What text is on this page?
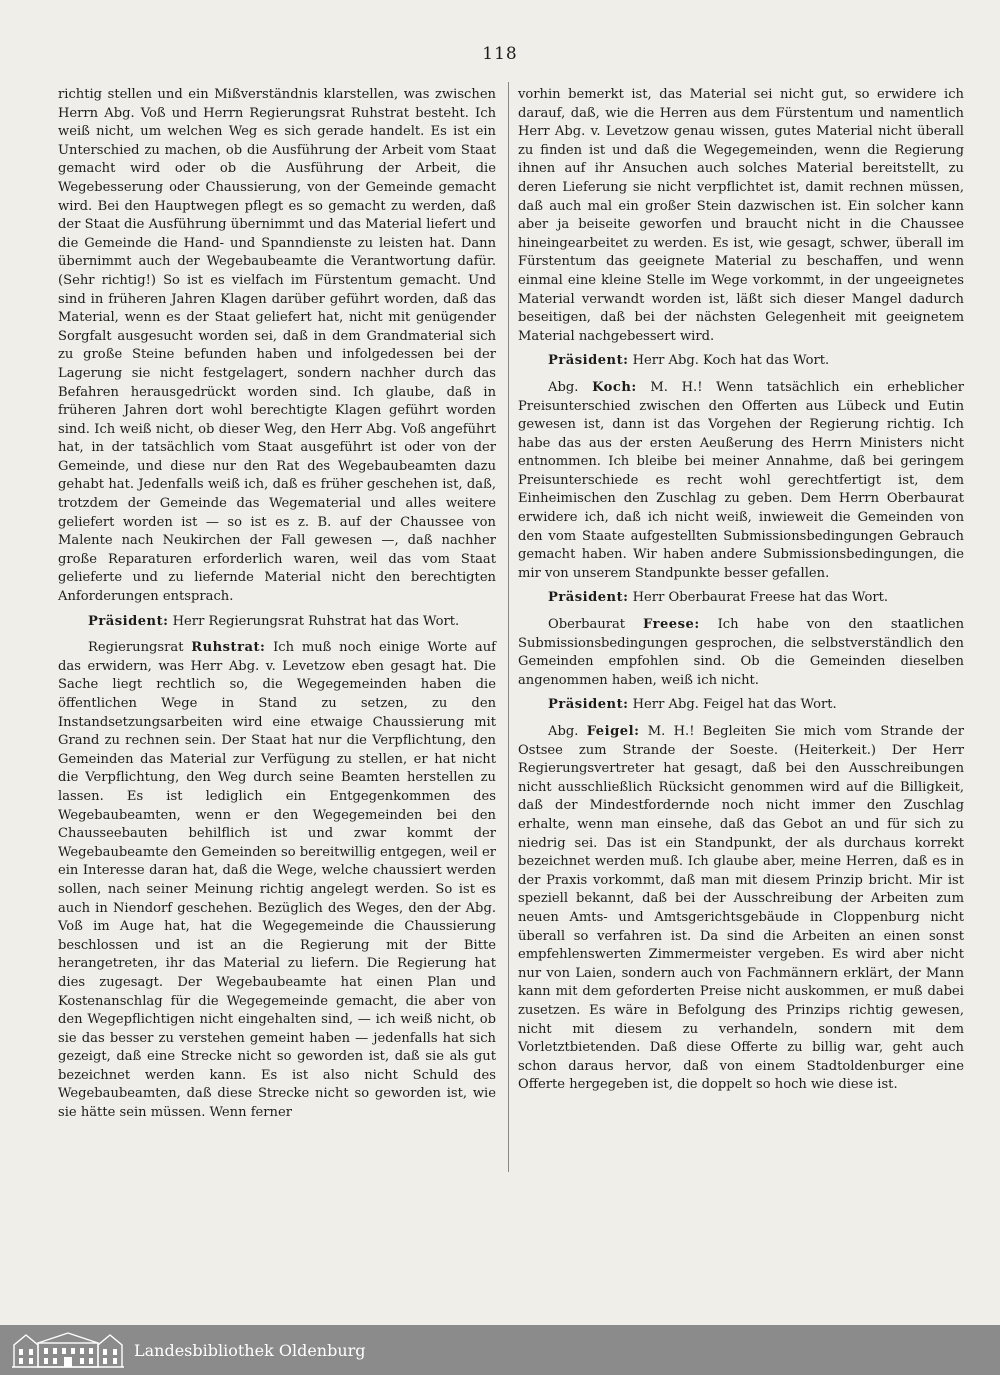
118

richtig stellen und ein Mißverständnis klarstellen, was zwischen Herrn Abg. Voß und Herrn Regierungsrat Ruhstrat besteht. Ich weiß nicht, um welchen Weg es sich gerade handelt. Es ist ein Unterschied zu machen, ob die Ausführung der Arbeit vom Staat gemacht wird oder ob die Ausführung der Arbeit, die Wegebesserung oder Chaussierung, von der Gemeinde gemacht wird. Bei den Hauptwegen pflegt es so gemacht zu werden, daß der Staat die Ausführung übernimmt und das Material liefert und die Gemeinde die Hand- und Spanndienste zu leisten hat. Dann übernimmt auch der Wegebaubeamte die Verantwortung dafür. (Sehr richtig!) So ist es vielfach im Fürstentum gemacht. Und sind in früheren Jahren Klagen darüber geführt worden, daß das Material, wenn es der Staat geliefert hat, nicht mit genügender Sorgfalt ausgesucht worden sei, daß in dem Grandmaterial sich zu große Steine befunden haben und infolgedessen bei der Lagerung sie nicht festgelagert, sondern nachher durch das Befahren herausgedrückt worden sind. Ich glaube, daß in früheren Jahren dort wohl berechtigte Klagen geführt worden sind. Ich weiß nicht, ob dieser Weg, den Herr Abg. Voß angeführt hat, in der tatsächlich vom Staat ausgeführt ist oder von der Gemeinde, und diese nur den Rat des Wegebaubeamten dazu gehabt hat. Jedenfalls weiß ich, daß es früher geschehen ist, daß, trotzdem der Gemeinde das Wegematerial und alles weitere geliefert worden ist — so ist es z. B. auf der Chaussee von Malente nach Neukirchen der Fall gewesen —, daß nachher große Reparaturen erforderlich waren, weil das vom Staat gelieferte und zu liefernde Material nicht den berechtigten Anforderungen entsprach.

Präsident: Herr Regierungsrat Ruhstrat hat das Wort.

Regierungsrat Ruhstrat: Ich muß noch einige Worte auf das erwidern, was Herr Abg. v. Levetzow eben gesagt hat. Die Sache liegt rechtlich so, die Wegegemeinden haben die öffentlichen Wege in Stand zu setzen, zu den Instandsetzungsarbeiten wird eine etwaige Chaussierung mit Grand zu rechnen sein. Der Staat hat nur die Verpflichtung, den Gemeinden das Material zur Verfügung zu stellen, er hat nicht die Verpflichtung, den Weg durch seine Beamten herstellen zu lassen. Es ist lediglich ein Entgegenkommen des Wegebaubeamten, wenn er den Wegegemeinden bei den Chausseebauten behilflich ist und zwar kommt der Wegebaubeamte den Gemeinden so bereitwillig entgegen, weil er ein Interesse daran hat, daß die Wege, welche chaussiert werden sollen, nach seiner Meinung richtig angelegt werden. So ist es auch in Niendorf geschehen. Bezüglich des Weges, den der Abg. Voß im Auge hat, hat die Wegegemeinde die Chaussierung beschlossen und ist an die Regierung mit der Bitte herangetreten, ihr das Material zu liefern. Die Regierung hat dies zugesagt. Der Wegebaubeamte hat einen Plan und Kostenanschlag für die Wegegemeinde gemacht, die aber von den Wegepflichtigen nicht eingehalten sind, — ich weiß nicht, ob sie das besser zu verstehen gemeint haben — jedenfalls hat sich gezeigt, daß eine Strecke nicht so geworden ist, daß sie als gut bezeichnet werden kann. Es ist also nicht Schuld des Wegebaubeamten, daß diese Strecke nicht so geworden ist, wie sie hätte sein müssen. Wenn ferner

vorhin bemerkt ist, das Material sei nicht gut, so erwidere ich darauf, daß, wie die Herren aus dem Fürstentum und namentlich Herr Abg. v. Levetzow genau wissen, gutes Material nicht überall zu finden ist und daß die Wegegemeinden, wenn die Regierung ihnen auf ihr Ansuchen auch solches Material bereitstellt, zu deren Lieferung sie nicht verpflichtet ist, damit rechnen müssen, daß auch mal ein großer Stein dazwischen ist. Ein solcher kann aber ja beiseite geworfen und braucht nicht in die Chaussee hineingearbeitet zu werden. Es ist, wie gesagt, schwer, überall im Fürstentum das geeignete Material zu beschaffen, und wenn einmal eine kleine Stelle im Wege vorkommt, in der ungeeignetes Material verwandt worden ist, läßt sich dieser Mangel dadurch beseitigen, daß bei der nächsten Gelegenheit mit geeignetem Material nachgebessert wird.

Präsident: Herr Abg. Koch hat das Wort.

Abg. Koch: M. H.! Wenn tatsächlich ein erheblicher Preisunterschied zwischen den Offerten aus Lübeck und Eutin gewesen ist, dann ist das Vorgehen der Regierung richtig. Ich habe das aus der ersten Aeußerung des Herrn Ministers nicht entnommen. Ich bleibe bei meiner Annahme, daß bei geringem Preisunterschiede es recht wohl gerechtfertigt ist, dem Einheimischen den Zuschlag zu geben. Dem Herrn Oberbaurat erwidere ich, daß ich nicht weiß, inwieweit die Gemeinden von den vom Staate aufgestellten Submissionsbedingungen Gebrauch gemacht haben. Wir haben andere Submissionsbedingungen, die mir von unserem Standpunkte besser gefallen.

Präsident: Herr Oberbaurat Freese hat das Wort.

Oberbaurat Freese: Ich habe von den staatlichen Submissionsbedingungen gesprochen, die selbstverständlich den Gemeinden empfohlen sind. Ob die Gemeinden dieselben angenommen haben, weiß ich nicht.

Präsident: Herr Abg. Feigel hat das Wort.

Abg. Feigel: M. H.! Begleiten Sie mich vom Strande der Ostsee zum Strande der Soeste. (Heiterkeit.) Der Herr Regierungsvertreter hat gesagt, daß bei den Ausschreibungen nicht ausschließlich Rücksicht genommen wird auf die Billigkeit, daß der Mindestfordernde noch nicht immer den Zuschlag erhalte, wenn man einsehe, daß das Gebot an und für sich zu niedrig sei. Das ist ein Standpunkt, der als durchaus korrekt bezeichnet werden muß. Ich glaube aber, meine Herren, daß es in der Praxis vorkommt, daß man mit diesem Prinzip bricht. Mir ist speziell bekannt, daß bei der Ausschreibung der Arbeiten zum neuen Amts- und Amtsgerichtsgebäude in Cloppenburg nicht überall so verfahren ist. Da sind die Arbeiten an einen sonst empfehlenswerten Zimmermeister vergeben. Es wird aber nicht nur von Laien, sondern auch von Fachmännern erklärt, der Mann kann mit dem geforderten Preise nicht auskommen, er muß dabei zusetzen. Es wäre in Befolgung des Prinzips richtig gewesen, nicht mit diesem zu verhandeln, sondern mit dem Vorletztbietenden. Daß diese Offerte zu billig war, geht auch schon daraus hervor, daß von einem Stadtoldenburger eine Offerte hergegeben ist, die doppelt so hoch wie diese ist.

Landesbibliothek Oldenburg
